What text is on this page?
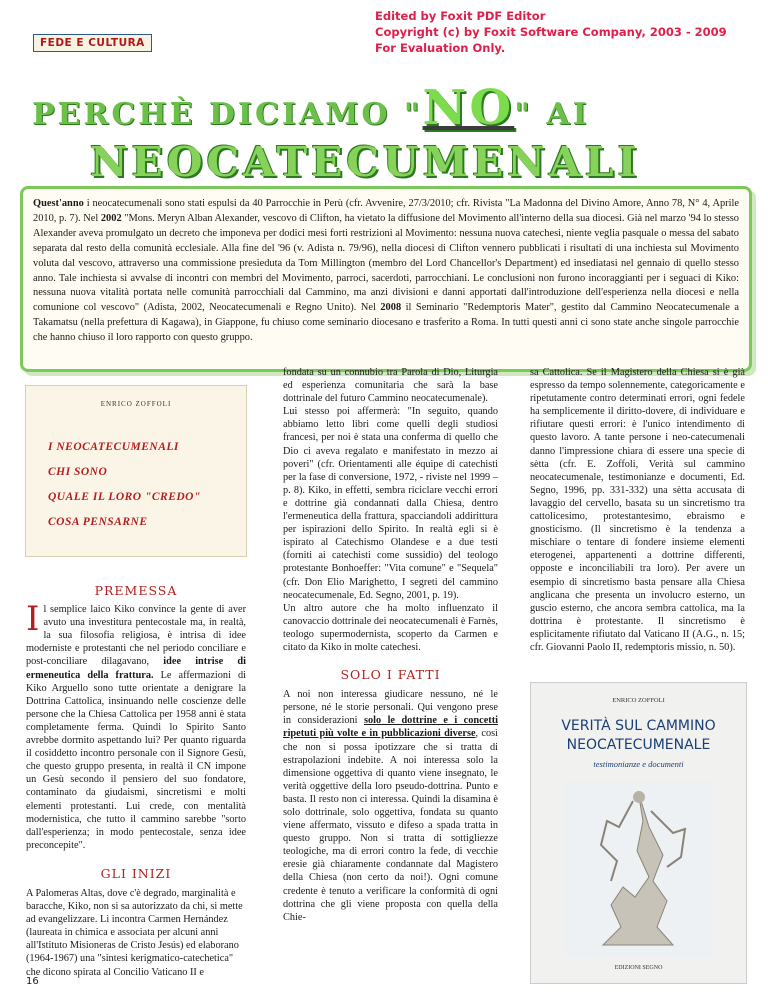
Edited by Foxit PDF Editor
Copyright (c) by Foxit Software Company, 2003 - 2009
For Evaluation Only.
FEDE E CULTURA
PERCHÈ DICIAMO "NO" AI
NEOCATECUMENALI
Quest'anno i neocatecumenali sono stati espulsi da 40 Parrocchie in Perù (cfr. Avvenire, 27/3/2010; cfr. Rivista "La Madonna del Divino Amore, Anno 78, N° 4, Aprile 2010, p. 7). Nel 2002 "Mons. Meryn Alban Alexander, vescovo di Clifton, ha vietato la diffusione del Movimento all'interno della sua diocesi. Già nel marzo '94 lo stesso Alexander aveva promulgato un decreto che imponeva per dodici mesi forti restrizioni al Movimento: nessuna nuova catechesi, niente veglia pasquale o messa del sabato separata dal resto della comunità ecclesiale. Alla fine del '96 (v. Adista n. 79/96), nella diocesi di Clifton vennero pubblicati i risultati di una inchiesta sul Movimento voluta dal vescovo, attraverso una commissione presieduta da Tom Millington (membro del Lord Chancellor's Department) ed insediatasi nel gennaio di quello stesso anno. Tale inchiesta si avvalse di incontri con membri del Movimento, parroci, sacerdoti, parrocchiani. Le conclusioni non furono incoraggianti per i seguaci di Kiko: nessuna nuova vitalità portata nelle comunità parrocchiali dal Cammino, ma anzi divisioni e danni apportati dall'introduzione dell'esperienza nella diocesi e nella comunione col vescovo" (Adista, 2002, Neocatecumenali e Regno Unito). Nel 2008 il Seminario "Redemptoris Mater", gestito dal Cammino Neocatecumenale a Takamatsu (nella prefettura di Kagawa), in Giappone, fu chiuso come seminario diocesano e trasferito a Roma. In tutti questi anni ci sono state anche singole parrocchie che hanno chiuso il loro rapporto con questo gruppo.
ENRICO ZOFFOLI
I NEOCATECUMENALI
CHI SONO
QUALE IL LORO "CREDO"
COSA PENSARNE
PREMESSA
Il semplice laico Kiko convince la gente di aver avuto una investitura pentecostale ma, in realtà, la sua filosofia religiosa, è intrisa di idee moderniste e protestanti che nel periodo conciliare e post-conciliare dilagavano, idee intrise di ermeneutica della frattura. Le affermazioni di Kiko Arguello sono tutte orientate a denigrare la Dottrina Cattolica, insinuando nelle coscienze delle persone che la Chiesa Cattolica per 1958 anni è stata completamente ferma. Quindi lo Spirito Santo avrebbe dormito aspettando lui? Per quanto riguarda il cosiddetto incontro personale con il Signore Gesù, che questo gruppo presenta, in realtà il CN impone un Gesù secondo il pensiero del suo fondatore, contaminato da giudaismi, sincretismi e molti elementi protestanti. Lui crede, con mentalità modernistica, che tutto il cammino sarebbe "sorto dall'esperienza; in modo pentecostale, senza idee preconcepite".
GLI INIZI
A Palomeras Altas, dove c'è degrado, marginalità e baracche, Kiko, non si sa autorizzato da chi, si mette ad evangelizzare. Lì incontra Carmen Hernández (laureata in chimica e associata per alcuni anni all'Istituto Misioneras de Cristo Jesús) ed elaborano (1964-1967) una "sintesi kerigmatico-catechetica" che dicono spirata al Concilio Vaticano II e
fondata su un connubio tra Parola di Dio, Liturgia ed esperienza comunitaria che sarà la base dottrinale del futuro Cammino neocatecumenale).
Lui stesso poi affermerà: "In seguito, quando abbiamo letto libri come quelli degli studiosi francesi, per noi è stata una conferma di quello che Dio ci aveva regalato e manifestato in mezzo ai poveri" (cfr. Orientamenti alle équipe di catechisti per la fase di conversione, 1972, - riviste nel 1999 – p. 8). Kiko, in effetti, sembra riciclare vecchi errori e dottrine già condannati dalla Chiesa, dentro l'ermeneutica della frattura, spacciandoli addirittura per ispirazioni dello Spirito. In realtà egli si è ispirato al Catechismo Olandese e a due testi (forniti ai catechisti come sussidio) del teologo protestante Bonhoeffer: "Vita comune" e "Sequela" (cfr. Don Elio Marighetto, I segreti del cammino neocatecumenale, Ed. Segno, 2001, p. 19).
Un altro autore che ha molto influenzato il canovaccio dottrinale dei neocatecumenali è Farnès, teologo supermodernista, scoperto da Carmen e citato da Kiko in molte catechesi.
SOLO I FATTI
A noi non interessa giudicare nessuno, né le persone, né le storie personali. Qui vengono prese in considerazioni solo le dottrine e i concetti ripetuti più volte e in pubblicazioni diverse, così che non si possa ipotizzare che si tratta di estrapolazioni indebite. A noi interessa solo la dimensione oggettiva di quanto viene insegnato, le verità oggettive della loro pseudo-dottrina. Punto e basta. Il resto non ci interessa. Quindi la disamina è solo dottrinale, solo oggettiva, fondata su quanto viene affermato, vissuto e difeso a spada tratta in questo gruppo. Non si tratta di sottigliezze teologiche, ma di errori contro la fede, di vecchie eresie già chiaramente condannate dal Magistero della Chiesa (non certo da noi!). Ogni comune credente è tenuto a verificare la conformità di ogni dottrina che gli viene proposta con quella della Chie-
sa Cattolica. Se il Magistero della Chiesa si è già espresso da tempo solennemente, categoricamente e ripetutamente contro determinati errori, ogni fedele ha semplicemente il diritto-dovere, di individuare e rifiutare questi errori: è l'unico intendimento di questo lavoro. A tante persone i neo-catecumenali danno l'impressione chiara di essere una specie di sètta (cfr. E. Zoffoli, Verità sul cammino neocatecumenale, testimonianze e documenti, Ed. Segno, 1996, pp. 331-332) una sètta accusata di lavaggio del cervello, basata su un sincretismo tra cattolicesimo, protestantesimo, ebraismo e gnosticismo. (Il sincretismo è la tendenza a mischiare o tentare di fondere insieme elementi eterogenei, appartenenti a dottrine differenti, opposte e inconciliabili tra loro). Per avere un esempio di sincretismo basta pensare alla Chiesa anglicana che presenta un involucro esterno, un guscio esterno, che ancora sembra cattolica, ma la dottrina è protestante. Il sincretismo è esplicitamente rifiutato dal Vaticano II (A.G., n. 15; cfr. Giovanni Paolo II, redemptoris missio, n. 50).
ENRICO ZOFFOLI
VERITÀ SUL CAMMINO
NEOCATECUMENALE
testimonianze e documenti
EDIZIONI SEGNO
16
